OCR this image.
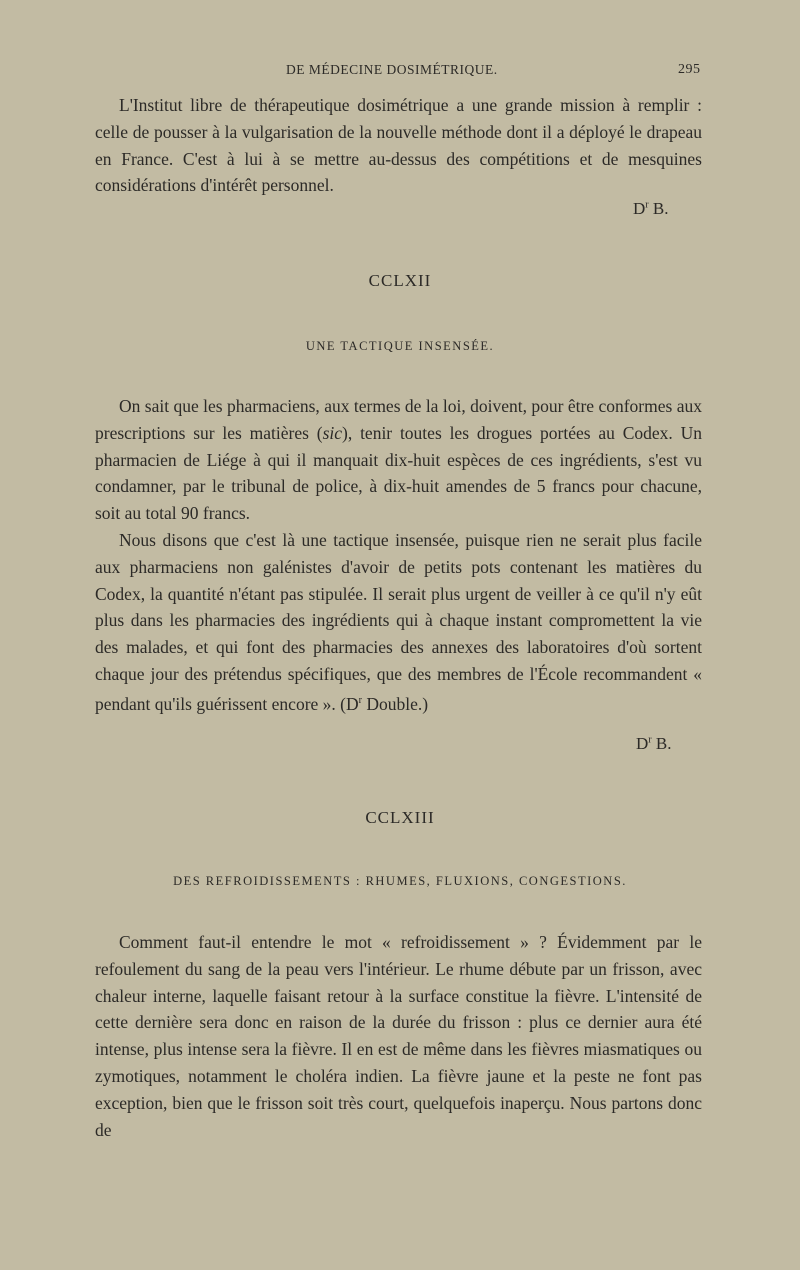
DE MÉDECINE DOSIMÉTRIQUE.	295

L'Institut libre de thérapeutique dosimétrique a une grande mission à remplir : celle de pousser à la vulgarisation de la nouvelle méthode dont il a déployé le drapeau en France. C'est à lui à se mettre au-dessus des compétitions et de mesquines considérations d'intérêt personnel.

$D^r$ B.
CCLXII
UNE TACTIQUE INSENSÉE.

On sait que les pharmaciens, aux termes de la loi, doivent, pour être conformes aux prescriptions sur les matières (sic), tenir toutes les drogues portées au Codex. Un pharmacien de Liége à qui il manquait dix-huit espèces de ces ingrédients, s'est vu condamner, par le tribunal de police, à dix-huit amendes de 5 francs pour chacune, soit au total 90 francs.

Nous disons que c'est là une tactique insensée, puisque rien ne serait plus facile aux pharmaciens non galénistes d'avoir de petits pots contenant les matières du Codex, la quantité n'étant pas stipulée. Il serait plus urgent de veiller à ce qu'il n'y eût plus dans les pharmacies des ingrédients qui à chaque instant compromettent la vie des malades, et qui font des pharmacies des annexes des laboratoires d'où sortent chaque jour des prétendus spécifiques, que des membres de l'École recommandent « pendant qu'ils guérissent encore ». ($D^r$ Double.)

$D^r$ B.
CCLXIII
DES REFROIDISSEMENTS : RHUMES, FLUXIONS, CONGESTIONS.

Comment faut-il entendre le mot « refroidissement » ? Évidemment par le refoulement du sang de la peau vers l'intérieur. Le rhume débute par un frisson, avec chaleur interne, laquelle faisant retour à la surface constitue la fièvre. L'intensité de cette dernière sera donc en raison de la durée du frisson : plus ce dernier aura été intense, plus intense sera la fièvre. Il en est de même dans les fièvres miasmatiques ou zymotiques, notamment le choléra indien. La fièvre jaune et la peste ne font pas exception, bien que le frisson soit très court, quelquefois inaperçu. Nous partons donc de
